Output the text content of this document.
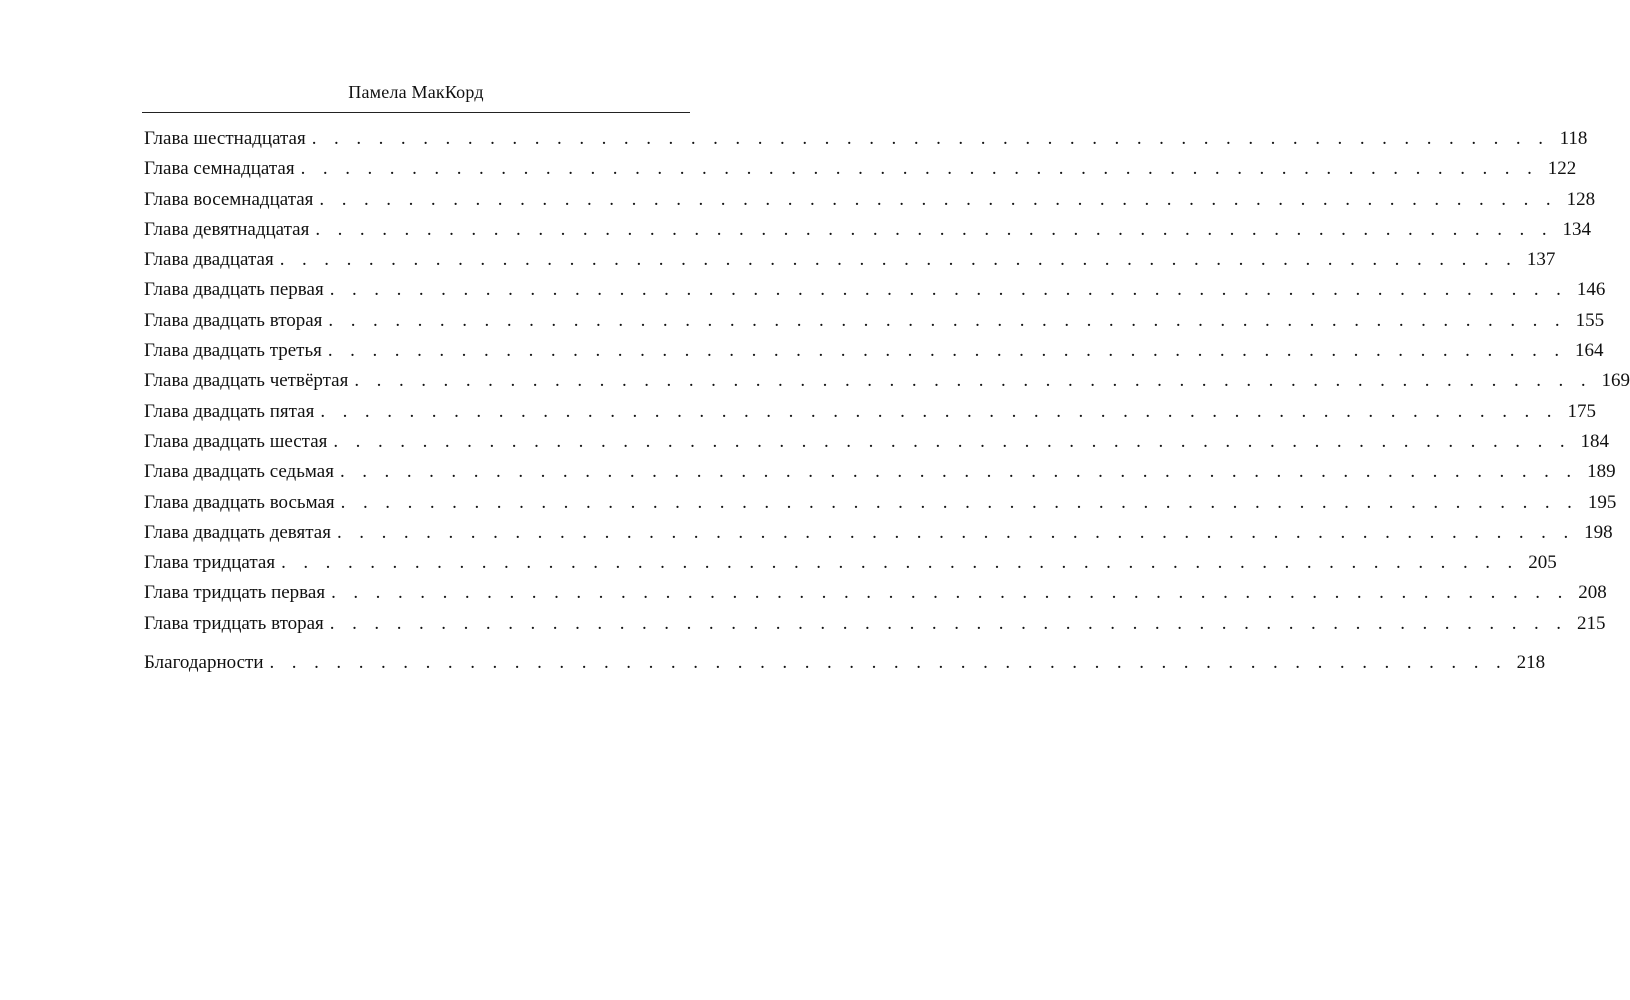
Памела МакКорд
Глава шестнадцатая . . . . . . . . . . . . . . . . . . . . . . . . . . . . . . . . . . . . . . . . . . . . . . . . . . . . . . . . 118
Глава семнадцатая . . . . . . . . . . . . . . . . . . . . . . . . . . . . . . . . . . . . . . . . . . . . . . . . . . . . . . . . 122
Глава восемнадцатая . . . . . . . . . . . . . . . . . . . . . . . . . . . . . . . . . . . . . . . . . . . . . . . . . . . . . . . . 128
Глава девятнадцатая . . . . . . . . . . . . . . . . . . . . . . . . . . . . . . . . . . . . . . . . . . . . . . . . . . . . . . . . 134
Глава двадцатая . . . . . . . . . . . . . . . . . . . . . . . . . . . . . . . . . . . . . . . . . . . . . . . . . . . . . . . . 137
Глава двадцать первая . . . . . . . . . . . . . . . . . . . . . . . . . . . . . . . . . . . . . . . . . . . . . . . . . . . . . . . . 146
Глава двадцать вторая . . . . . . . . . . . . . . . . . . . . . . . . . . . . . . . . . . . . . . . . . . . . . . . . . . . . . . . . 155
Глава двадцать третья . . . . . . . . . . . . . . . . . . . . . . . . . . . . . . . . . . . . . . . . . . . . . . . . . . . . . . . . 164
Глава двадцать четвёртая . . . . . . . . . . . . . . . . . . . . . . . . . . . . . . . . . . . . . . . . . . . . . . . . . . . . . . . . 169
Глава двадцать пятая . . . . . . . . . . . . . . . . . . . . . . . . . . . . . . . . . . . . . . . . . . . . . . . . . . . . . . . . 175
Глава двадцать шестая . . . . . . . . . . . . . . . . . . . . . . . . . . . . . . . . . . . . . . . . . . . . . . . . . . . . . . . . 184
Глава двадцать седьмая . . . . . . . . . . . . . . . . . . . . . . . . . . . . . . . . . . . . . . . . . . . . . . . . . . . . . . . . 189
Глава двадцать восьмая . . . . . . . . . . . . . . . . . . . . . . . . . . . . . . . . . . . . . . . . . . . . . . . . . . . . . . . . 195
Глава двадцать девятая . . . . . . . . . . . . . . . . . . . . . . . . . . . . . . . . . . . . . . . . . . . . . . . . . . . . . . . . 198
Глава тридцатая . . . . . . . . . . . . . . . . . . . . . . . . . . . . . . . . . . . . . . . . . . . . . . . . . . . . . . . . 205
Глава тридцать первая . . . . . . . . . . . . . . . . . . . . . . . . . . . . . . . . . . . . . . . . . . . . . . . . . . . . . . . . 208
Глава тридцать вторая . . . . . . . . . . . . . . . . . . . . . . . . . . . . . . . . . . . . . . . . . . . . . . . . . . . . . . . . 215
Благодарности . . . . . . . . . . . . . . . . . . . . . . . . . . . . . . . . . . . . . . . . . . . . . . . . . . . . . . . . 218
